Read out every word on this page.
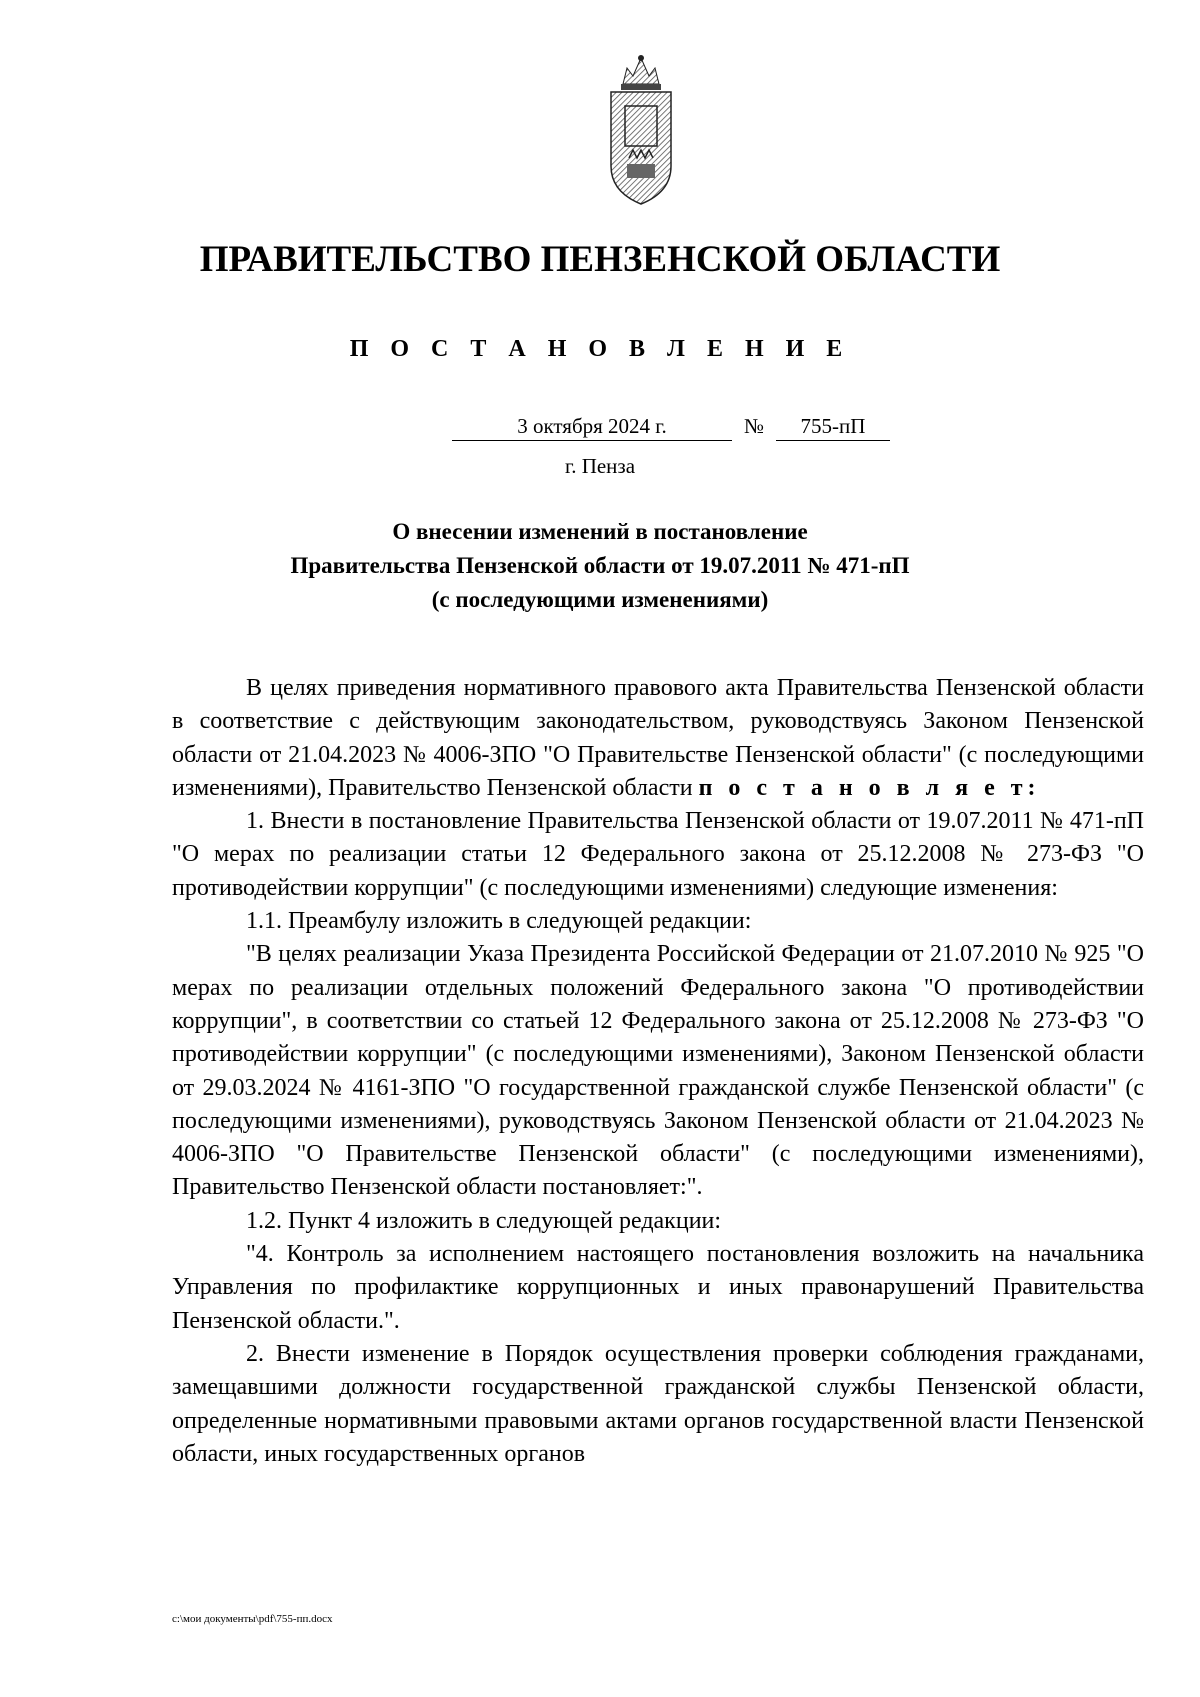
ПРАВИТЕЛЬСТВО ПЕНЗЕНСКОЙ ОБЛАСТИ
П О С Т А Н О В Л Е Н И Е
3 октября 2024 г.	№	755-пП
г. Пенза
О внесении изменений в постановление
Правительства Пензенской области от 19.07.2011 № 471-пП
(с последующими изменениями)

В целях приведения нормативного правового акта Правительства Пензенской области в соответствие с действующим законодательством, руководствуясь Законом Пензенской области от 21.04.2023 № 4006-ЗПО "О Правительстве Пензенской области" (с последующими изменениями), Правительство Пензенской области п о с т а н о в л я е т:

1. Внести в постановление Правительства Пензенской области от 19.07.2011 № 471-пП "О мерах по реализации статьи 12 Федерального закона от 25.12.2008 № 273-ФЗ "О противодействии коррупции" (с последующими изменениями) следующие изменения:

1.1. Преамбулу изложить в следующей редакции:

"В целях реализации Указа Президента Российской Федерации от 21.07.2010 № 925 "О мерах по реализации отдельных положений Федерального закона "О противодействии коррупции", в соответствии со статьей 12 Федерального закона от 25.12.2008 № 273-ФЗ "О противодействии коррупции" (с последующими изменениями), Законом Пензенской области от 29.03.2024 № 4161-ЗПО "О государственной гражданской службе Пензенской области" (с последующими изменениями), руководствуясь Законом Пензенской области от 21.04.2023 № 4006-ЗПО "О Правительстве Пензенской области" (с последующими изменениями), Правительство Пензенской области постановляет:".

1.2. Пункт 4 изложить в следующей редакции:

"4. Контроль за исполнением настоящего постановления возложить на начальника Управления по профилактике коррупционных и иных правонарушений Правительства Пензенской области.".

2. Внести изменение в Порядок осуществления проверки соблюдения гражданами, замещавшими должности государственной гражданской службы Пензенской области, определенные нормативными правовыми актами органов государственной власти Пензенской области, иных государственных органов

c:\мои документы\pdf\755-пп.docx
